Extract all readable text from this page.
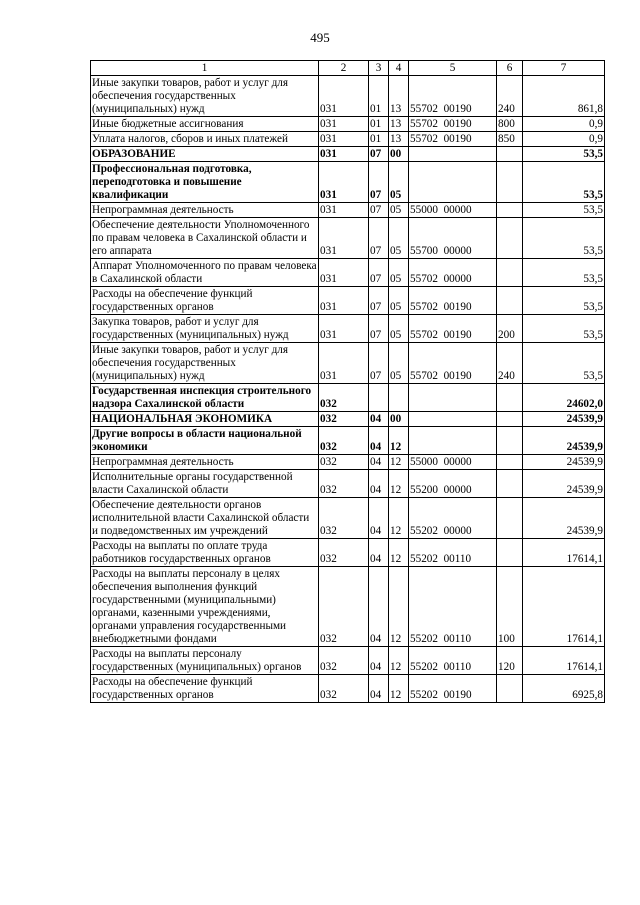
495
1	2	3	4	5	6	7
Иные закупки товаров, работ и услуг для обеспечения государственных (муниципальных) нужд	031	01	13	55702  00190	240	861,8
Иные бюджетные ассигнования	031	01	13	55702  00190	800	0,9
Уплата налогов, сборов и иных платежей	031	01	13	55702  00190	850	0,9
ОБРАЗОВАНИЕ	031	07	00			53,5
Профессиональная подготовка, переподготовка и повышение квалификации	031	07	05			53,5
Непрограммная деятельность	031	07	05	55000  00000		53,5
Обеспечение деятельности Уполномоченного по правам человека в Сахалинской области и его аппарата	031	07	05	55700  00000		53,5
Аппарат Уполномоченного по правам человека в Сахалинской области	031	07	05	55702  00000		53,5
Расходы на обеспечение функций государственных органов	031	07	05	55702  00190		53,5
Закупка товаров, работ и услуг для государственных (муниципальных) нужд	031	07	05	55702  00190	200	53,5
Иные закупки товаров, работ и услуг для обеспечения государственных (муниципальных) нужд	031	07	05	55702  00190	240	53,5
Государственная инспекция строительного надзора Сахалинской области	032					24602,0
НАЦИОНАЛЬНАЯ ЭКОНОМИКА	032	04	00			24539,9
Другие вопросы в области национальной экономики	032	04	12			24539,9
Непрограммная деятельность	032	04	12	55000  00000		24539,9
Исполнительные органы государственной власти Сахалинской области	032	04	12	55200  00000		24539,9
Обеспечение деятельности органов исполнительной власти Сахалинской области и подведомственных им учреждений	032	04	12	55202  00000		24539,9
Расходы на выплаты по оплате труда работников государственных органов	032	04	12	55202  00110		17614,1
Расходы на выплаты персоналу в целях обеспечения выполнения функций государственными (муниципальными) органами, казенными учреждениями, органами управления государственными внебюджетными фондами	032	04	12	55202  00110	100	17614,1
Расходы на выплаты персоналу государственных (муниципальных) органов	032	04	12	55202  00110	120	17614,1
Расходы на обеспечение функций государственных органов	032	04	12	55202  00190		6925,8
